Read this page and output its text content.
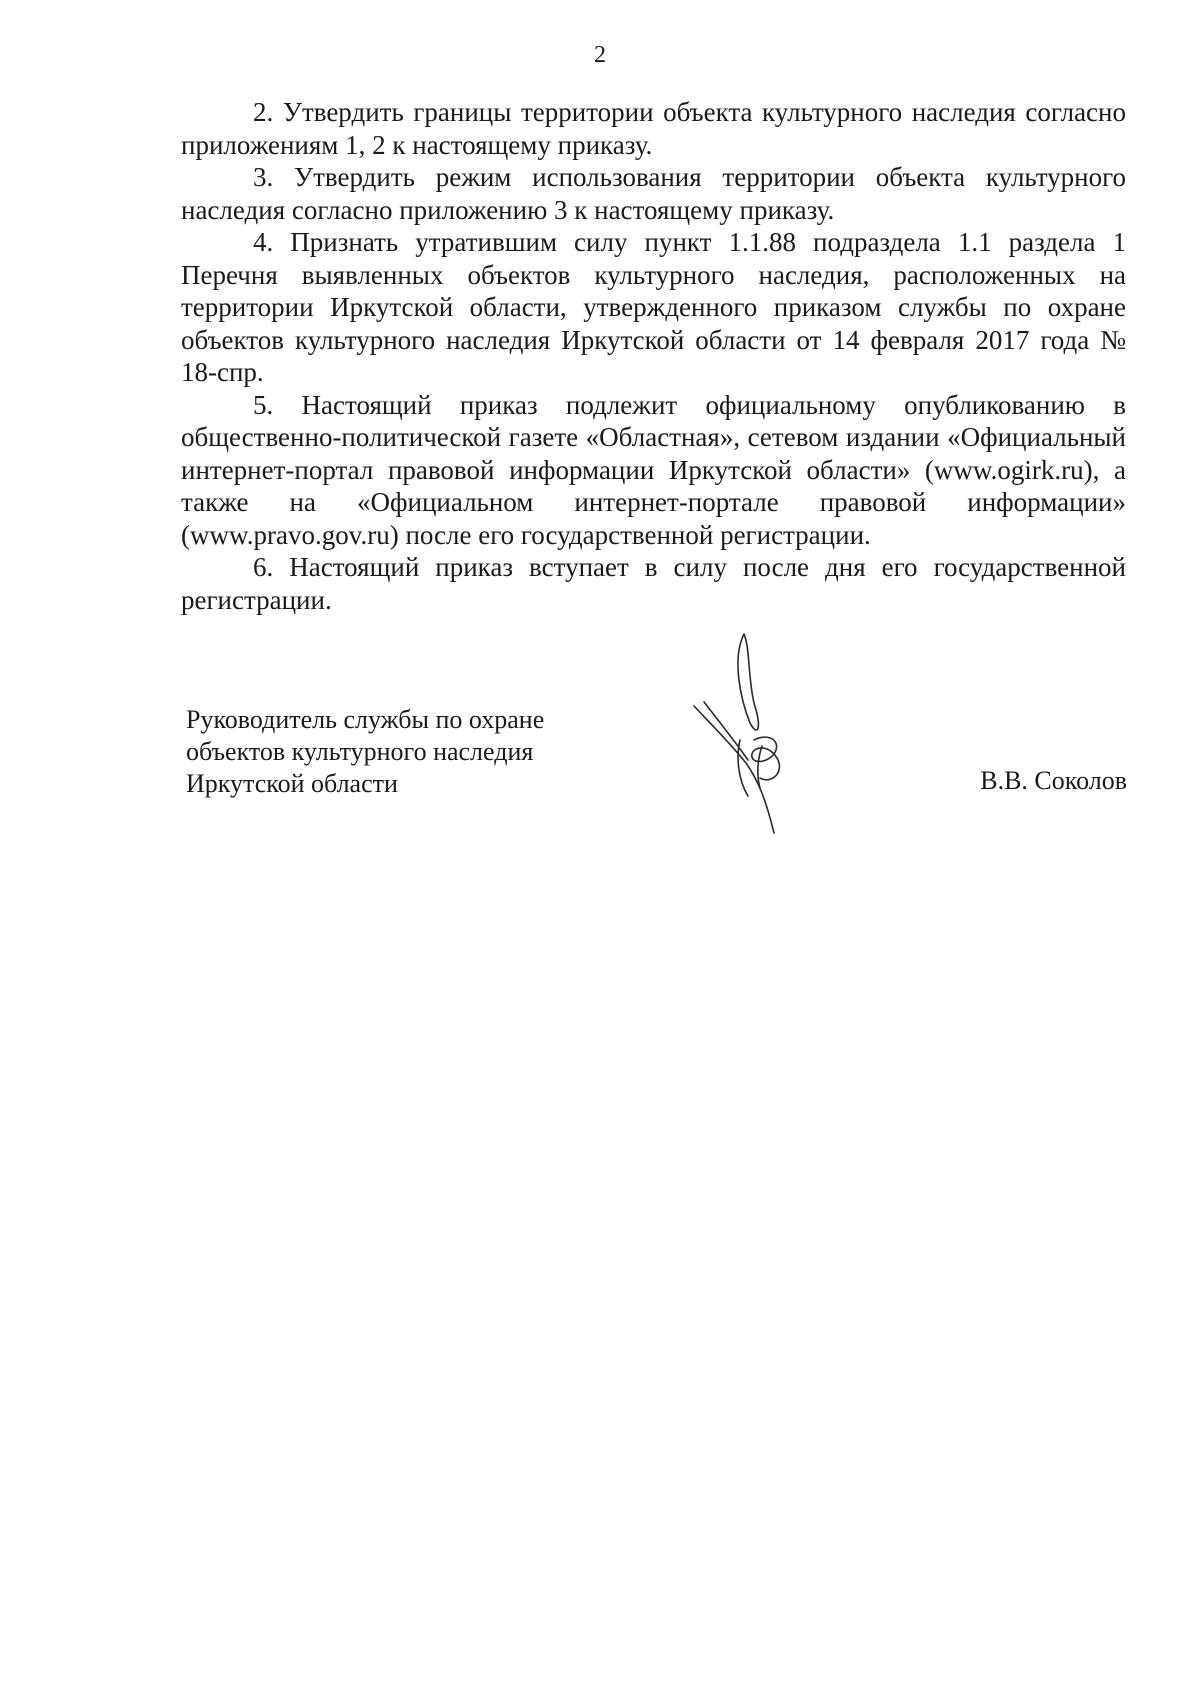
2

2. Утвердить границы территории объекта культурного наследия согласно приложениям 1, 2 к настоящему приказу.

3. Утвердить режим использования территории объекта культурного наследия согласно приложению 3 к настоящему приказу.

4. Признать утратившим силу пункт 1.1.88 подраздела 1.1 раздела 1 Перечня выявленных объектов культурного наследия, расположенных на территории Иркутской области, утвержденного приказом службы по охране объектов культурного наследия Иркутской области от 14 февраля 2017 года № 18-спр.

5. Настоящий приказ подлежит официальному опубликованию в общественно-политической газете «Областная», сетевом издании «Официальный интернет-портал правовой информации Иркутской области» (www.ogirk.ru), а также на «Официальном интернет-портале правовой информации» (www.pravo.gov.ru) после его государственной регистрации.

6. Настоящий приказ вступает в силу после дня его государственной регистрации.

Руководитель службы по охране
объектов культурного наследия
Иркутской области	В.В. Соколов
